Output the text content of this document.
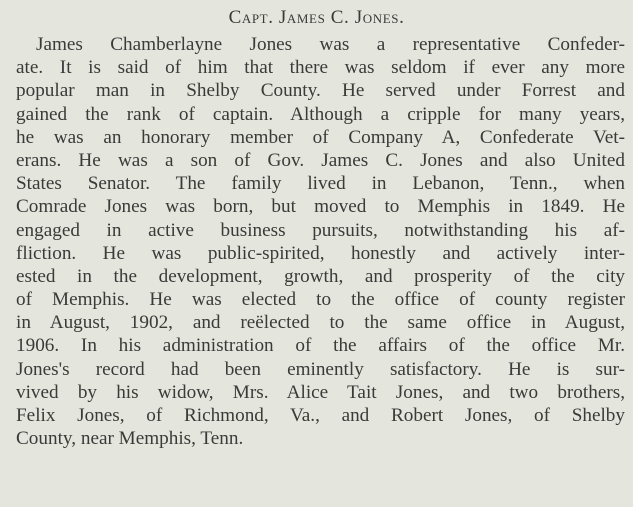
Capt. James C. Jones.
James Chamberlayne Jones was a representative Confeder-
ate. It is said of him that there was seldom if ever any more
popular man in Shelby County. He served under Forrest and
gained the rank of captain. Although a cripple for many years,
he was an honorary member of Company A, Confederate Vet-
erans. He was a son of Gov. James C. Jones and also United
States Senator. The family lived in Lebanon, Tenn., when
Comrade Jones was born, but moved to Memphis in 1849. He
engaged in active business pursuits, notwithstanding his af-
fliction. He was public-spirited, honestly and actively inter-
ested in the development, growth, and prosperity of the city
of Memphis. He was elected to the office of county register
in August, 1902, and reëlected to the same office in August,
1906. In his administration of the affairs of the office Mr.
Jones's record had been eminently satisfactory. He is sur-
vived by his widow, Mrs. Alice Tait Jones, and two brothers,
Felix Jones, of Richmond, Va., and Robert Jones, of Shelby
County, near Memphis, Tenn.
